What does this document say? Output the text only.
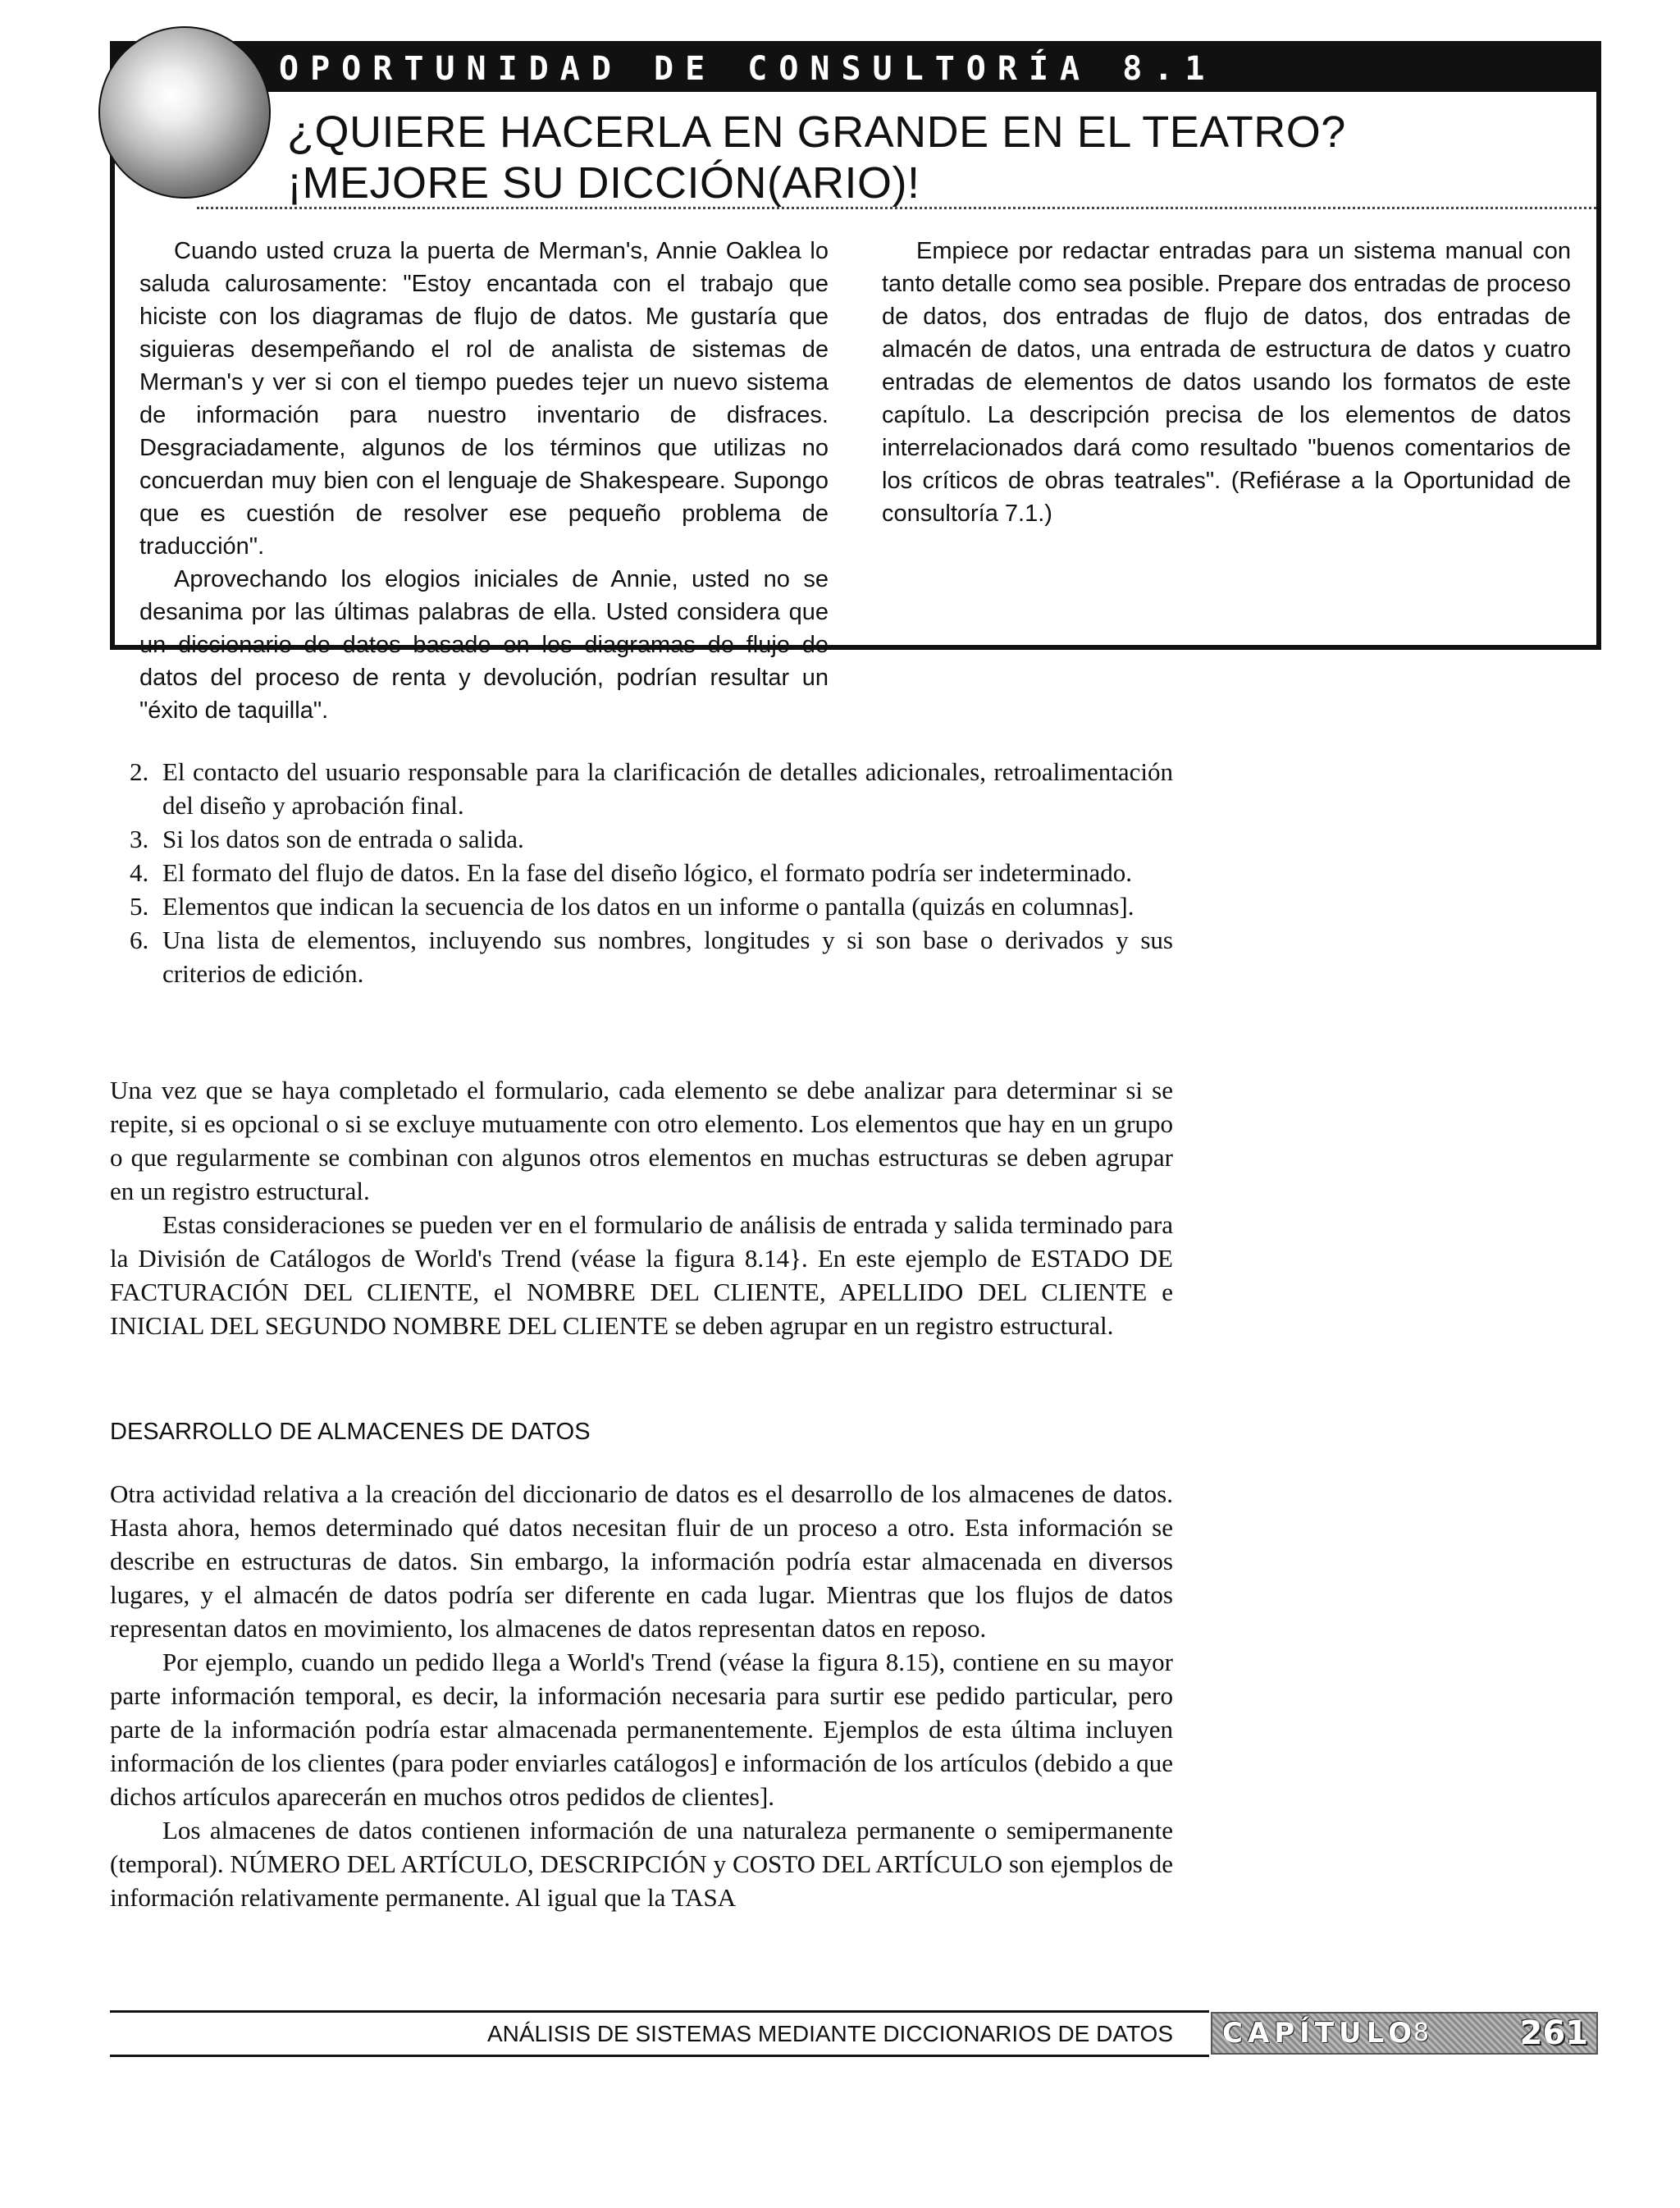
OPORTUNIDAD DE CONSULTORÍA 8.1
¿QUIERE HACERLA EN GRANDE EN EL TEATRO?
¡MEJORE SU DICCIÓN(ARIO)!

Cuando usted cruza la puerta de Merman's, Annie Oaklea lo saluda calurosamente: "Estoy encantada con el trabajo que hiciste con los diagramas de flujo de datos. Me gustaría que siguieras desempeñando el rol de analista de sistemas de Merman's y ver si con el tiempo puedes tejer un nuevo sistema de información para nuestro inventario de disfraces. Desgraciadamente, algunos de los términos que utilizas no concuerdan muy bien con el lenguaje de Shakespeare. Supongo que es cuestión de resolver ese pequeño problema de traducción".

Aprovechando los elogios iniciales de Annie, usted no se desanima por las últimas palabras de ella. Usted considera que un diccionario de datos basado en los diagramas de flujo de datos del proceso de renta y devolución, podrían resultar un "éxito de taquilla".

Empiece por redactar entradas para un sistema manual con tanto detalle como sea posible. Prepare dos entradas de proceso de datos, dos entradas de flujo de datos, dos entradas de almacén de datos, una entrada de estructura de datos y cuatro entradas de elementos de datos usando los formatos de este capítulo. La descripción precisa de los elementos de datos interrelacionados dará como resultado "buenos comentarios de los críticos de obras teatrales". (Refiérase a la Oportunidad de consultoría 7.1.)

2. El contacto del usuario responsable para la clarificación de detalles adicionales, retroalimentación del diseño y aprobación final.
3. Si los datos son de entrada o salida.
4. El formato del flujo de datos. En la fase del diseño lógico, el formato podría ser indeterminado.
5. Elementos que indican la secuencia de los datos en un informe o pantalla (quizás en columnas].
6. Una lista de elementos, incluyendo sus nombres, longitudes y si son base o derivados y sus criterios de edición.

Una vez que se haya completado el formulario, cada elemento se debe analizar para determinar si se repite, si es opcional o si se excluye mutuamente con otro elemento. Los elementos que hay en un grupo o que regularmente se combinan con algunos otros elementos en muchas estructuras se deben agrupar en un registro estructural.

Estas consideraciones se pueden ver en el formulario de análisis de entrada y salida terminado para la División de Catálogos de World's Trend (véase la figura 8.14}. En este ejemplo de ESTADO DE FACTURACIÓN DEL CLIENTE, el NOMBRE DEL CLIENTE, APELLIDO DEL CLIENTE e INICIAL DEL SEGUNDO NOMBRE DEL CLIENTE se deben agrupar en un registro estructural.

DESARROLLO DE ALMACENES DE DATOS

Otra actividad relativa a la creación del diccionario de datos es el desarrollo de los almacenes de datos. Hasta ahora, hemos determinado qué datos necesitan fluir de un proceso a otro. Esta información se describe en estructuras de datos. Sin embargo, la información podría estar almacenada en diversos lugares, y el almacén de datos podría ser diferente en cada lugar. Mientras que los flujos de datos representan datos en movimiento, los almacenes de datos representan datos en reposo.

Por ejemplo, cuando un pedido llega a World's Trend (véase la figura 8.15), contiene en su mayor parte información temporal, es decir, la información necesaria para surtir ese pedido particular, pero parte de la información podría estar almacenada permanentemente. Ejemplos de esta última incluyen información de los clientes (para poder enviarles catálogos] e información de los artículos (debido a que dichos artículos aparecerán en muchos otros pedidos de clientes].

Los almacenes de datos contienen información de una naturaleza permanente o semipermanente (temporal). NÚMERO DEL ARTÍCULO, DESCRIPCIÓN y COSTO DEL ARTÍCULO son ejemplos de información relativamente permanente. Al igual que la TASA

ANÁLISIS DE SISTEMAS MEDIANTE DICCIONARIOS DE DATOS CAPÍTULO
8	261
